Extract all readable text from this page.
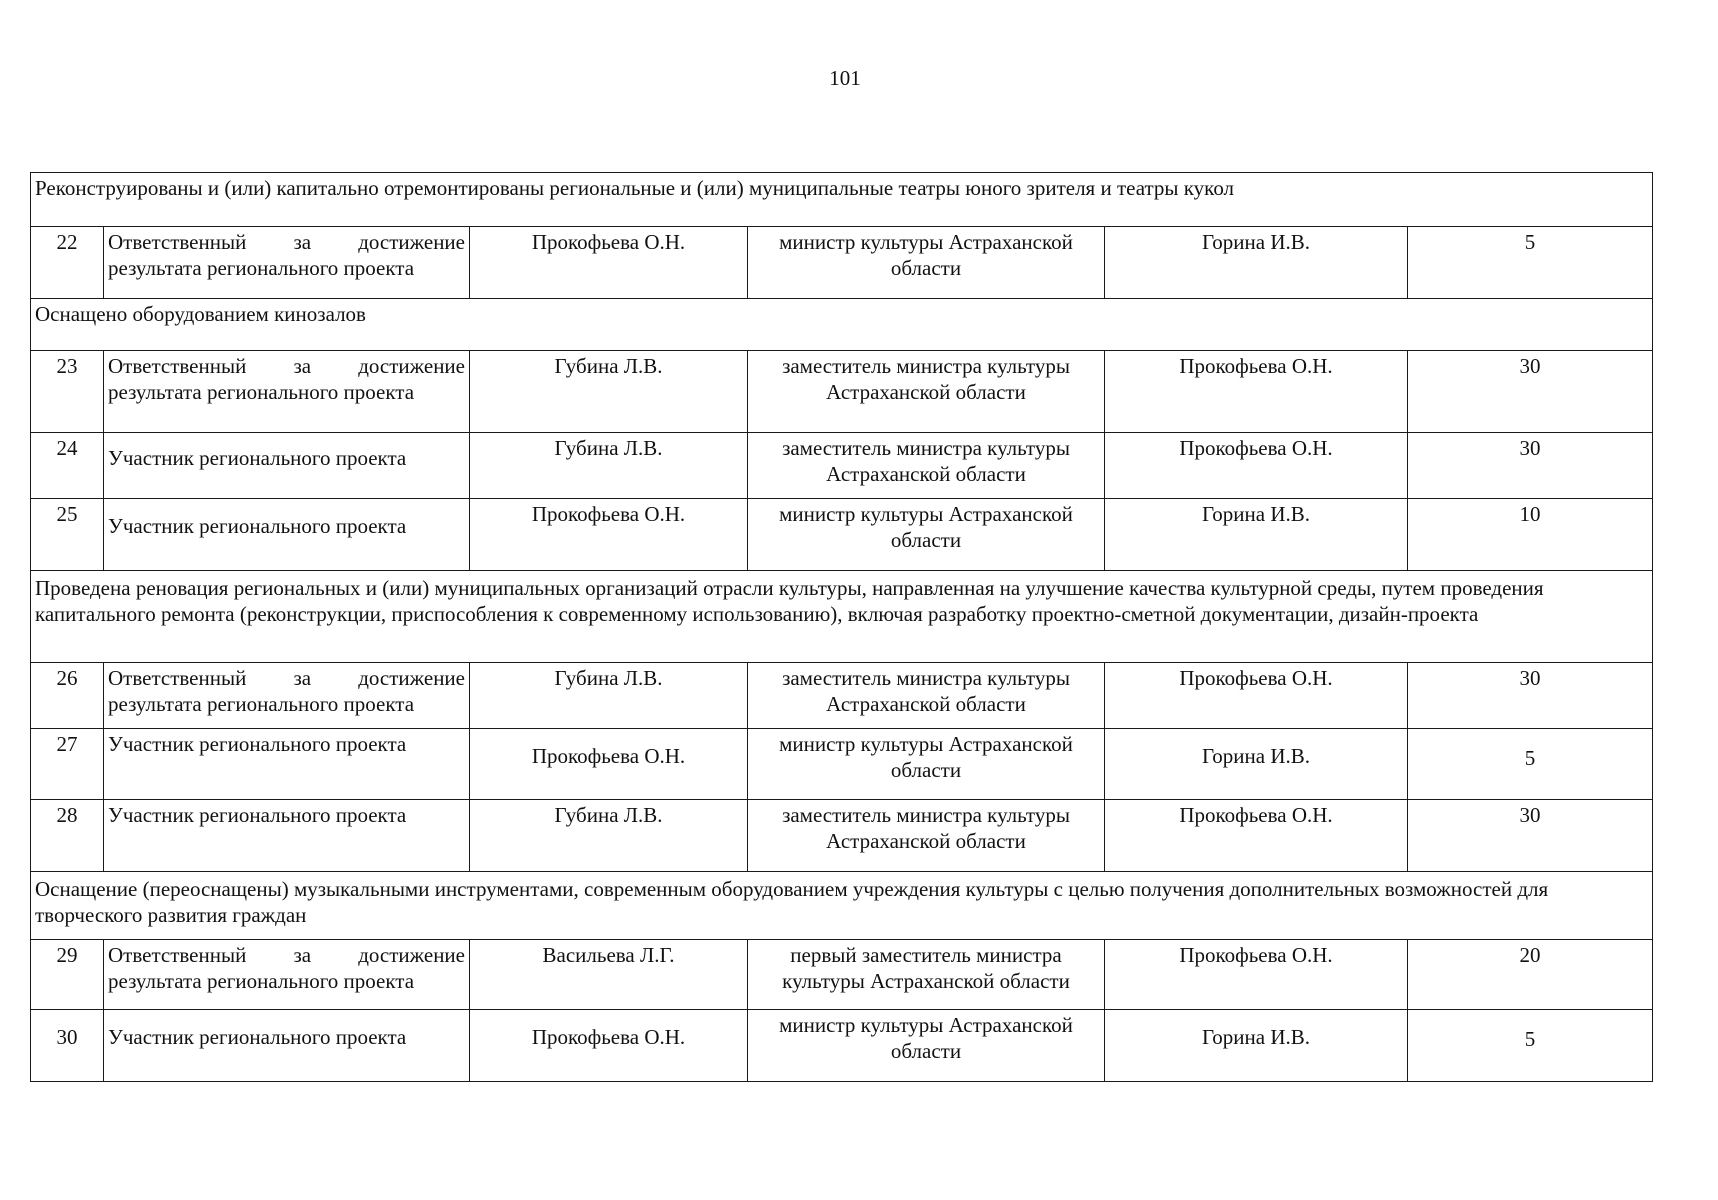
101
Реконструированы и (или) капитально отремонтированы региональные и (или) муниципальные театры юного зрителя и театры кукол					
22	Ответственный за достижение результата регионального проекта	Прокофьева О.Н.	министр культуры Астраханской области	Горина И.В.	5
Оснащено оборудованием кинозалов					
23	Ответственный за достижение результата регионального проекта	Губина Л.В.	заместитель министра культуры Астраханской области	Прокофьева О.Н.	30
24	Участник регионального проекта	Губина Л.В.	заместитель министра культуры Астраханской области	Прокофьева О.Н.	30
25	Участник регионального проекта	Прокофьева О.Н.	министр культуры Астраханской области	Горина И.В.	10
Проведена реновация региональных и (или) муниципальных организаций отрасли культуры, направленная на улучшение качества культурной среды, путем проведения капитального ремонта (реконструкции, приспособления к современному использованию), включая разработку проектно-сметной документации, дизайн-проекта					
26	Ответственный за достижение результата регионального проекта	Губина Л.В.	заместитель министра культуры Астраханской области	Прокофьева О.Н.	30
27	Участник регионального проекта	Прокофьева О.Н.	министр культуры Астраханской области	Горина И.В.	5
28	Участник регионального проекта	Губина Л.В.	заместитель министра культуры Астраханской области	Прокофьева О.Н.	30
Оснащение (переоснащены) музыкальными инструментами, современным оборудованием учреждения культуры с целью получения дополнительных возможностей для творческого развития граждан					
29	Ответственный за достижение результата регионального проекта	Васильева Л.Г.	первый заместитель министра культуры Астраханской области	Прокофьева О.Н.	20
30	Участник регионального проекта	Прокофьева О.Н.	министр культуры Астраханской области	Горина И.В.	5
